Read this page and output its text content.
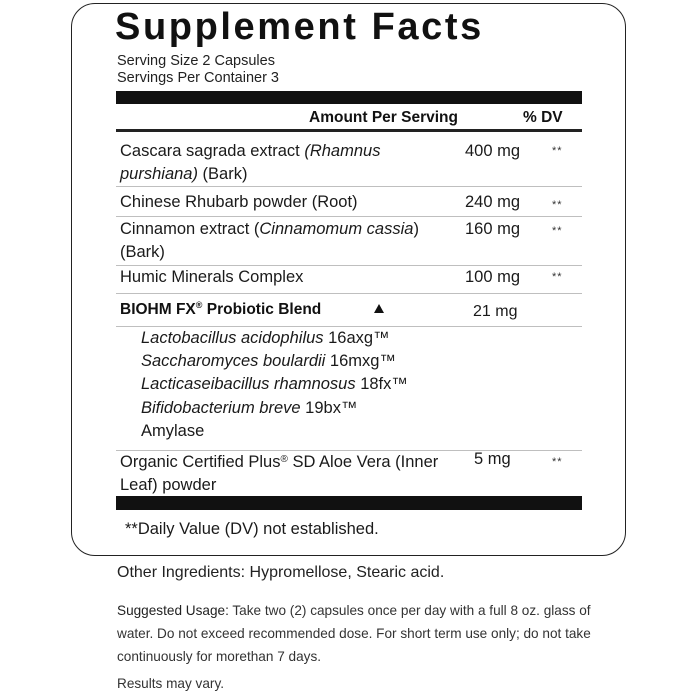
Supplement Facts
Serving Size 2 Capsules
Servings Per Container 3
Amount Per Serving	% DV
Cascara sagrada extract (Rhamnus purshiana) (Bark)
400 mg	**
Chinese Rhubarb powder (Root)	240 mg	**
Cinnamon extract (Cinnamomum cassia) (Bark)
160 mg	**
Humic Minerals Complex	100 mg	**
BIOHM FX® Probiotic Blend	21 mg
Lactobacillus acidophilus 16axg™
Saccharomyces boulardii 16mxg™
Lacticaseibacillus rhamnosus 18fx™
Bifidobacterium breve 19bx™
Amylase
Organic Certified Plus® SD Aloe Vera (Inner Leaf) powder
5 mg	**
**Daily Value (DV) not established.
Other Ingredients: Hypromellose, Stearic acid.
Suggested Usage: Take two (2) capsules once per day with a full 8 oz. glass of water. Do not exceed recommended dose. For short term use only; do not take continuously for morethan 7 days.
Results may vary.
